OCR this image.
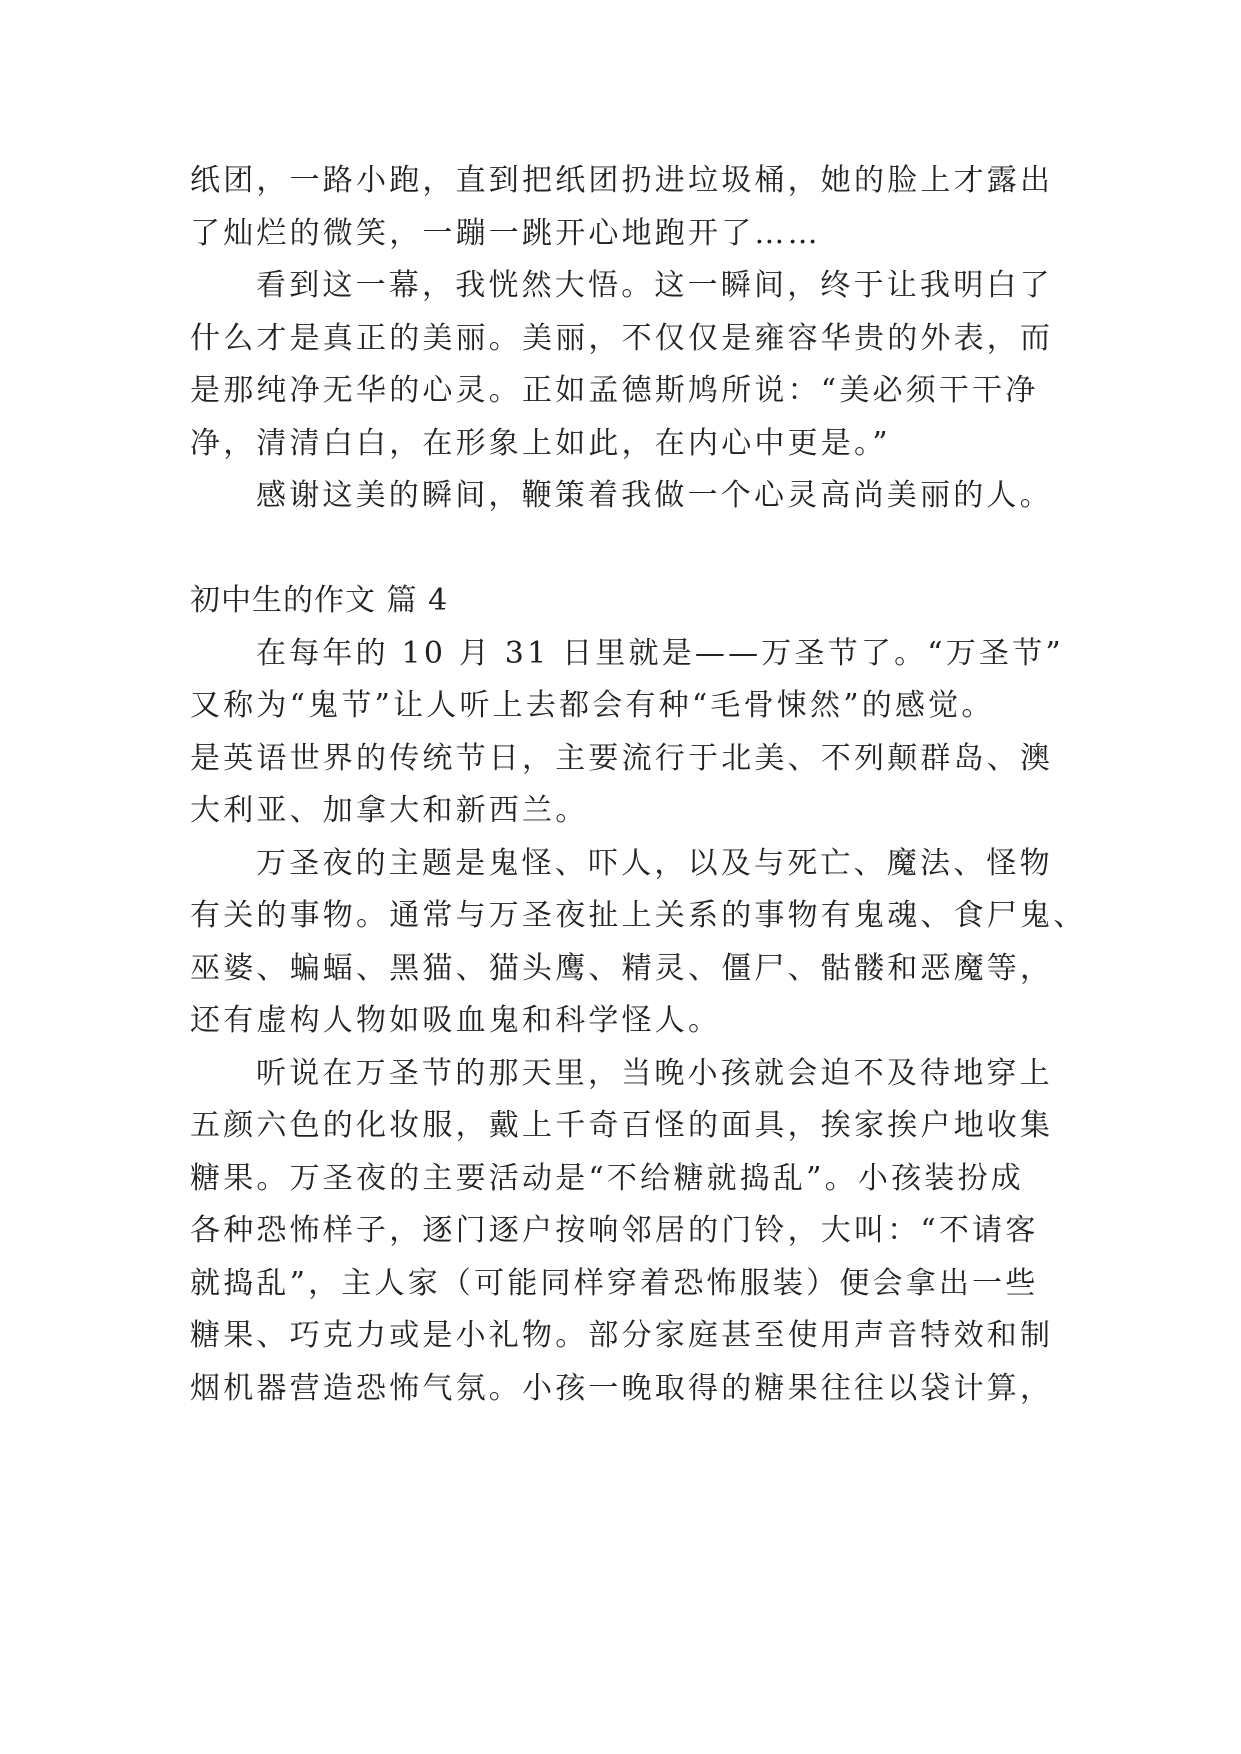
纸团，一路小跑，直到把纸团扔进垃圾桶，她的脸上才露出
了灿烂的微笑，一蹦一跳开心地跑开了……
看到这一幕，我恍然大悟。这一瞬间，终于让我明白了
什么才是真正的美丽。美丽，不仅仅是雍容华贵的外表，而
是那纯净无华的心灵。正如孟德斯鸠所说：“美必须干干净
净，清清白白，在形象上如此，在内心中更是。”
感谢这美的瞬间，鞭策着我做一个心灵高尚美丽的人。
初中生的作文 篇 4
在每年的 10 月 31 日里就是——万圣节了。“万圣节”
又称为“鬼节”让人听上去都会有种“毛骨悚然”的感觉。
是英语世界的传统节日，主要流行于北美、不列颠群岛、澳
大利亚、加拿大和新西兰。
万圣夜的主题是鬼怪、吓人，以及与死亡、魔法、怪物
有关的事物。通常与万圣夜扯上关系的事物有鬼魂、食尸鬼、
巫婆、蝙蝠、黑猫、猫头鹰、精灵、僵尸、骷髅和恶魔等，
还有虚构人物如吸血鬼和科学怪人。
听说在万圣节的那天里，当晚小孩就会迫不及待地穿上
五颜六色的化妆服，戴上千奇百怪的面具，挨家挨户地收集
糖果。万圣夜的主要活动是“不给糖就捣乱”。小孩装扮成
各种恐怖样子，逐门逐户按响邻居的门铃，大叫：“不请客
就捣乱”，主人家（可能同样穿着恐怖服装）便会拿出一些
糖果、巧克力或是小礼物。部分家庭甚至使用声音特效和制
烟机器营造恐怖气氛。小孩一晚取得的糖果往往以袋计算，
